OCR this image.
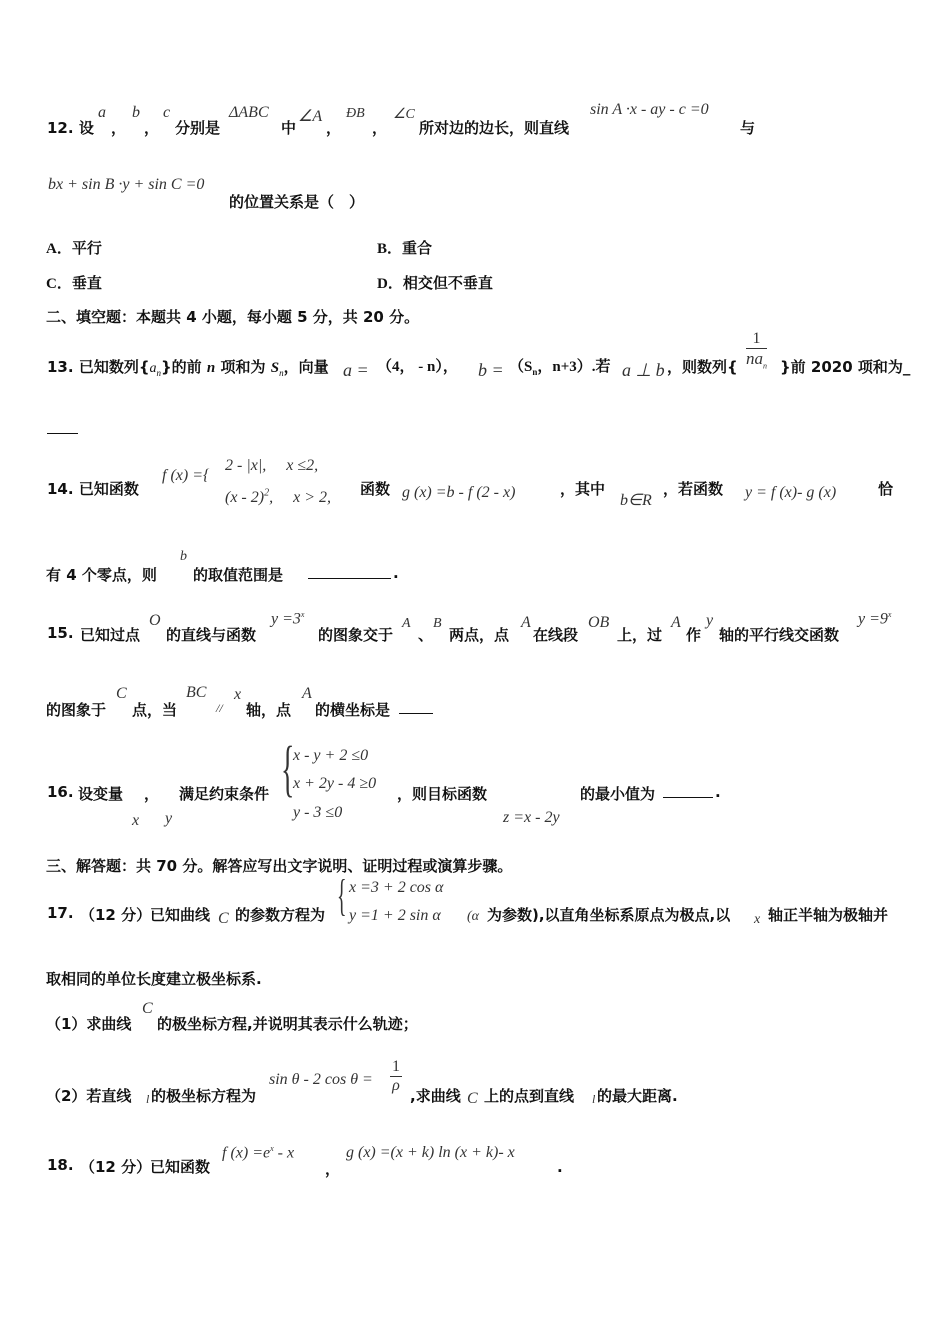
12. 设
a
，
b
，
c
分别是
ΔABC
中
∠A
，
ÐB
，
∠C
所对边的边长，则直线
sin A ·x - ay - c =0
与
bx + sin B ·y + sin C =0
的位置关系是（　）
A．平行	B．重合
C．垂直	D．相交但不垂直
二、填空题：本题共 4 小题，每小题 5 分，共 20 分。
13. 已知数列$\{a_n\}$的前 n 项和为 $S_n$，向量 a = （4， - n）， $b = (S_n$，n+3）.若 a ⊥ b ，则数列{
1
$na_n$ }前 2020 项和为_
14. 已知函数
f (x) ={
2 - |x|,　 x ≤2,
(x - 2)$^2$,　 x > 2, 函数 g (x) =b - f (2 - x)	，其中
b∈R
，若函数 y = f (x)- g (x)	恰
有 4 个零点，则
b
的取值范围是	.
15. 已知过点
O
的直线与函数
$y =3^x$
的图象交于
A
、
B
两点，点
A
在线段
OB
上，过
A
作
y
轴的平行线交函数
$y =9^x$
的图象于
C
点，当
BC
//
x
轴，点
A
的横坐标是
16. 设变量 ，
x y
满足约束条件 {
x - y + 2 ≤0
x + 2y - 4 ≥0
y - 3 ≤0
，则目标函数
z =x - 2y
的最小值为	.
三、解答题：共 70 分。解答应写出文字说明、证明过程或演算步骤。
17. （12 分）
已知曲线 C 的参数方程为 { x =3 + 2 cos α
y =1 + 2 sin α (α 为参数),以直角坐标系原点为极点,以 x 轴正半轴为极轴并
取相同的单位长度建立极坐标系.
（1）求曲线
C
的极坐标方程,并说明其表示什么轨迹；
（2）若直线 l 的极坐标方程为
sin θ - 2 $\cos \theta = \frac{1}{\rho}$
,求曲线 C 上的点到直线 l 的最大距离.
18. （12 分）
已知函数
f $(x) =e^x - x$
，
g (x) =(x + k) ln (x + k)- x
.
